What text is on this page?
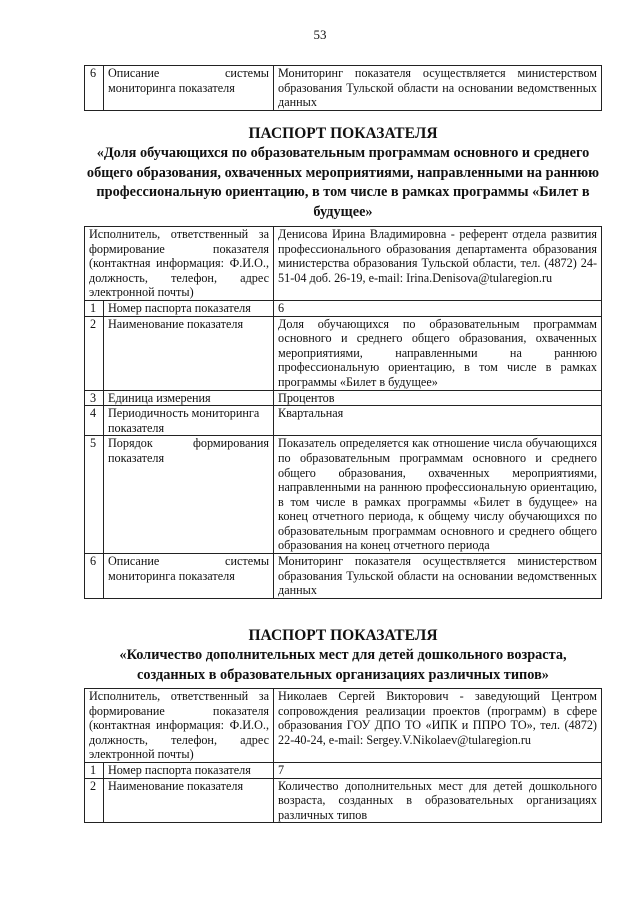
53
6	Описание системы мониторинга показателя	Мониторинг показателя осуществляется министерством образования Тульской области на основании ведомственных данных
ПАСПОРТ ПОКАЗАТЕЛЯ
«Доля обучающихся по образовательным программам основного и среднего общего образования, охваченных мероприятиями, направленными на раннюю профессиональную ориентацию, в том числе в рамках программы «Билет в будущее»
Исполнитель, ответственный за формирование показателя (контактная информация: Ф.И.О., должность, телефон, адрес электронной почты)		Денисова Ирина Владимировна - референт отдела развития профессионального образования департамента образования министерства образования Тульской области, тел. (4872) 24-51-04 доб. 26-19, e-mail: Irina.Denisova@tularegion.ru
1	Номер паспорта показателя	6
2	Наименование показателя	Доля обучающихся по образовательным программам основного и среднего общего образования, охваченных мероприятиями, направленными на раннюю профессиональную ориентацию, в том числе в рамках программы «Билет в будущее»
3	Единица измерения	Процентов
4	Периодичность мониторинга показателя	Квартальная
5	Порядок формирования показателя	Показатель определяется как отношение числа обучающихся по образовательным программам основного и среднего общего образования, охваченных мероприятиями, направленными на раннюю профессиональную ориентацию, в том числе в рамках программы «Билет в будущее» на конец отчетного периода, к общему числу обучающихся по образовательным программам основного и среднего общего образования на конец отчетного периода
6	Описание системы мониторинга показателя	Мониторинг показателя осуществляется министерством образования Тульской области на основании ведомственных данных
ПАСПОРТ ПОКАЗАТЕЛЯ
«Количество дополнительных мест для детей дошкольного возраста, созданных в образовательных организациях различных типов»
Исполнитель, ответственный за формирование показателя (контактная информация: Ф.И.О., должность, телефон, адрес электронной почты)		Николаев Сергей Викторович - заведующий Центром сопровождения реализации проектов (программ) в сфере образования ГОУ ДПО ТО «ИПК и ППРО ТО», тел. (4872) 22-40-24, e-mail: Sergey.V.Nikolaev@tularegion.ru
1	Номер паспорта показателя	7
2	Наименование показателя	Количество дополнительных мест для детей дошкольного возраста, созданных в образовательных организациях различных типов
